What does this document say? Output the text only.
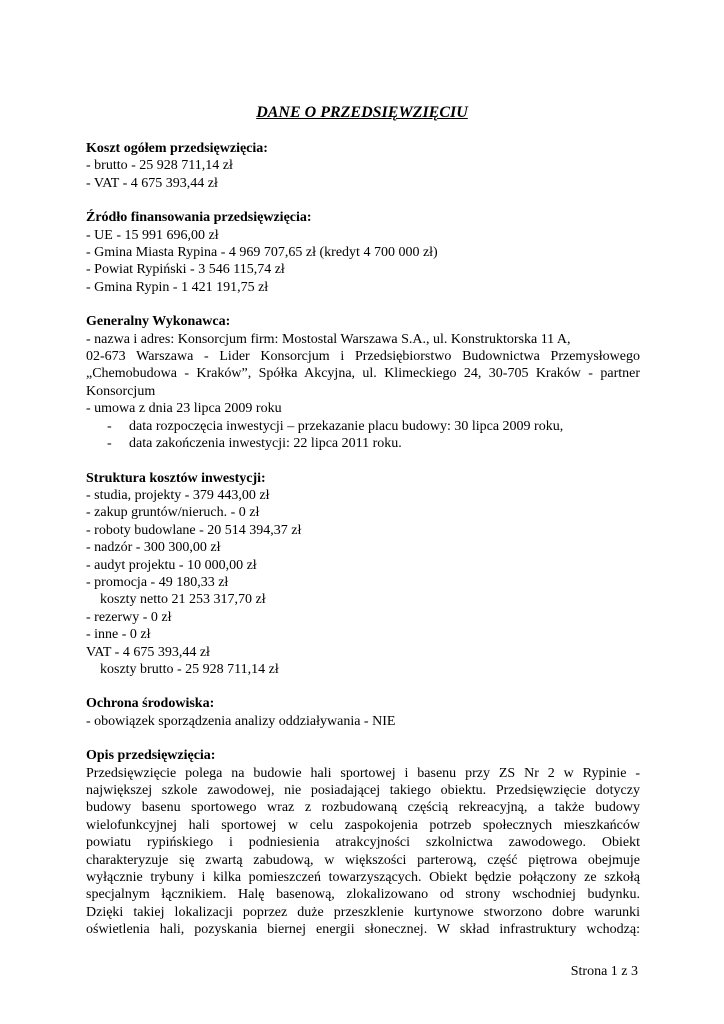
DANE O PRZEDSIĘWZIĘCIU
Koszt ogółem przedsięwzięcia:
- brutto - 25 928 711,14 zł
- VAT - 4 675 393,44 zł
Źródło finansowania przedsięwzięcia:
- UE - 15 991 696,00 zł
- Gmina Miasta Rypina - 4 969 707,65 zł (kredyt 4 700 000 zł)
- Powiat Rypiński - 3 546 115,74 zł
- Gmina Rypin - 1 421 191,75 zł
Generalny Wykonawca:
- nazwa i adres: Konsorcjum firm: Mostostal Warszawa S.A., ul. Konstruktorska 11 A,
02-673 Warszawa - Lider Konsorcjum i Przedsiębiorstwo Budownictwa Przemysłowego
„Chemobudowa - Kraków”, Spółka Akcyjna, ul. Klimeckiego 24, 30-705 Kraków - partner
Konsorcjum
- umowa z dnia 23 lipca 2009 roku
- data rozpoczęcia inwestycji – przekazanie placu budowy: 30 lipca 2009 roku,
- data zakończenia inwestycji: 22 lipca 2011 roku.
Struktura kosztów inwestycji:
- studia, projekty - 379 443,00 zł
- zakup gruntów/nieruch. - 0 zł
- roboty budowlane - 20 514 394,37 zł
- nadzór - 300 300,00 zł
- audyt projektu - 10 000,00 zł
- promocja - 49 180,33 zł
koszty netto 21 253 317,70 zł
- rezerwy - 0 zł
- inne - 0 zł
VAT - 4 675 393,44 zł
koszty brutto - 25 928 711,14 zł
Ochrona środowiska:
- obowiązek sporządzenia analizy oddziaływania - NIE
Opis przedsięwzięcia:
Przedsięwzięcie polega na budowie hali sportowej i basenu przy ZS Nr 2 w Rypinie -
największej szkole zawodowej, nie posiadającej takiego obiektu. Przedsięwzięcie dotyczy
budowy basenu sportowego wraz z rozbudowaną częścią rekreacyjną, a także budowy
wielofunkcyjnej hali sportowej w celu zaspokojenia potrzeb społecznych mieszkańców
powiatu rypińskiego i podniesienia atrakcyjności szkolnictwa zawodowego. Obiekt
charakteryzuje się zwartą zabudową, w większości parterową, część piętrowa obejmuje
wyłącznie trybuny i kilka pomieszczeń towarzyszących. Obiekt będzie połączony ze szkołą
specjalnym łącznikiem. Halę basenową, zlokalizowano od strony wschodniej budynku.
Dzięki takiej lokalizacji poprzez duże przeszklenie kurtynowe stworzono dobre warunki
oświetlenia hali, pozyskania biernej energii słonecznej. W skład infrastruktury wchodzą:
Strona 1 z 3
